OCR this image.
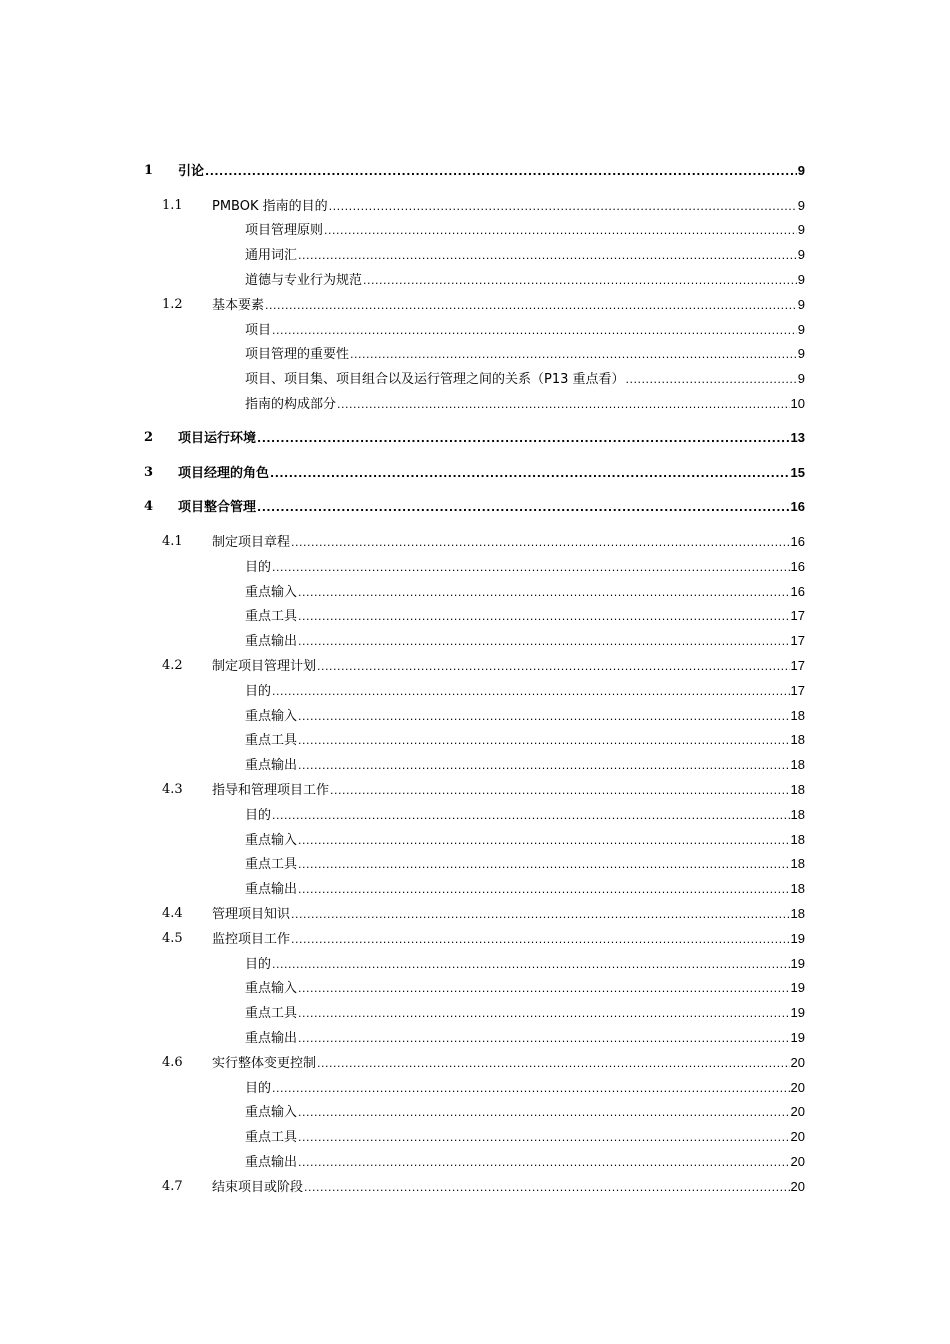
1 引论 .....	9
1.1 PMBOK 指南的目的 .....	9
项目管理原则 .....	9
通用词汇 .....	9
道德与专业行为规范 .....	9
1.2 基本要素 .....	9
项目 .....	9
项目管理的重要性 .....	9
项目、项目集、项目组合以及运行管理之间的关系（P13 重点看） .....	9
指南的构成部分 .....	10
2 项目运行环境 .....	13
3 项目经理的角色 .....	15
4 项目整合管理 .....	16
4.1 制定项目章程 .....	16
目的 .....	16
重点输入 .....	16
重点工具 .....	17
重点输出 .....	17
4.2 制定项目管理计划 .....	17
目的 .....	17
重点输入 .....	18
重点工具 .....	18
重点输出 .....	18
4.3 指导和管理项目工作 .....	18
目的 .....	18
重点输入 .....	18
重点工具 .....	18
重点输出 .....	18
4.4 管理项目知识 .....	18
4.5 监控项目工作 .....	19
目的 .....	19
重点输入 .....	19
重点工具 .....	19
重点输出 .....	19
4.6 实行整体变更控制 .....	20
目的 .....	20
重点输入 .....	20
重点工具 .....	20
重点输出 .....	20
4.7 结束项目或阶段 .....	20
